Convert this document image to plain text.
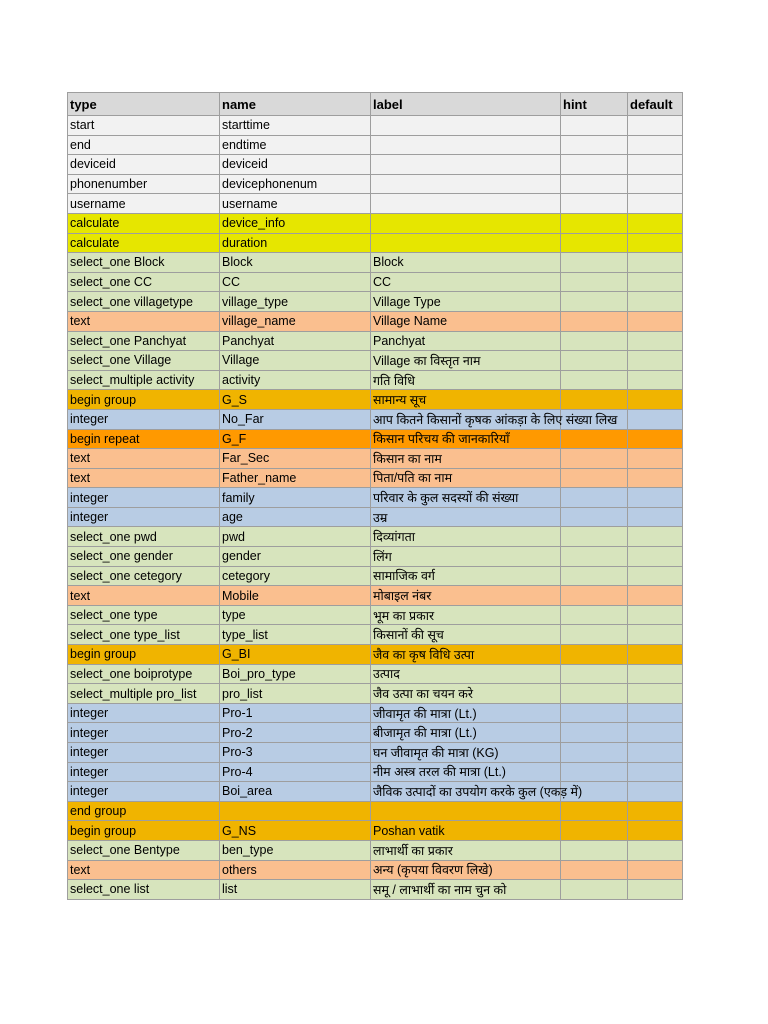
type	name	label	hint	default
start	starttime			
end	endtime			
deviceid	deviceid			
phonenumber	devicephonenum			
username	username			
calculate	device_info			
calculate	duration			
select_one Block	Block	Block		
select_one CC	CC	CC		
select_one villagetype	village_type	Village Type		
text	village_name	Village Name		
select_one Panchyat	Panchyat	Panchyat		
select_one Village	Village	Village का विस्तृत नाम		
select_multiple activity	activity	गति विधि		
begin group	G_S	सामान्य सूच		
integer	No_Far	आप कितने किसानों कृषक आंकड़ा के लिए संख्या लिख		
begin repeat	G_F	किसान परिचय की जानकारियाँ		
text	Far_Sec	किसान का नाम		
text	Father_name	पिता/पति का नाम		
integer	family	परिवार के कुल सदस्यों की संख्या		
integer	age	उम्र		
select_one pwd	pwd	दिव्यांगता		
select_one gender	gender	लिंग		
select_one cetegory	cetegory	सामाजिक वर्ग		
text	Mobile	मोबाइल नंबर		
select_one type	type	भूम का प्रकार		
select_one type_list	type_list	किसानों की सूच		
begin group	G_BI	जैव का कृष विधि उत्पा		
select_one boiprotype	Boi_pro_type	उत्पाद		
select_multiple pro_list	pro_list	जैव उत्पा का चयन करे		
integer	Pro-1	जीवामृत की मात्रा (Lt.)		
integer	Pro-2	बीजामृत की मात्रा (Lt.)		
integer	Pro-3	घन जीवामृत की मात्रा (KG)		
integer	Pro-4	नीम अस्त्र तरल की मात्रा (Lt.)		
integer	Boi_area	जैविक उत्पादों का उपयोग करके कुल (एकड़ में)		
end group				
begin group	G_NS	Poshan vatik		
select_one Bentype	ben_type	लाभार्थी का प्रकार		
text	others	अन्य (कृपया विवरण लिखे)		
select_one list	list	समू / लाभार्थी का नाम चुन को		
